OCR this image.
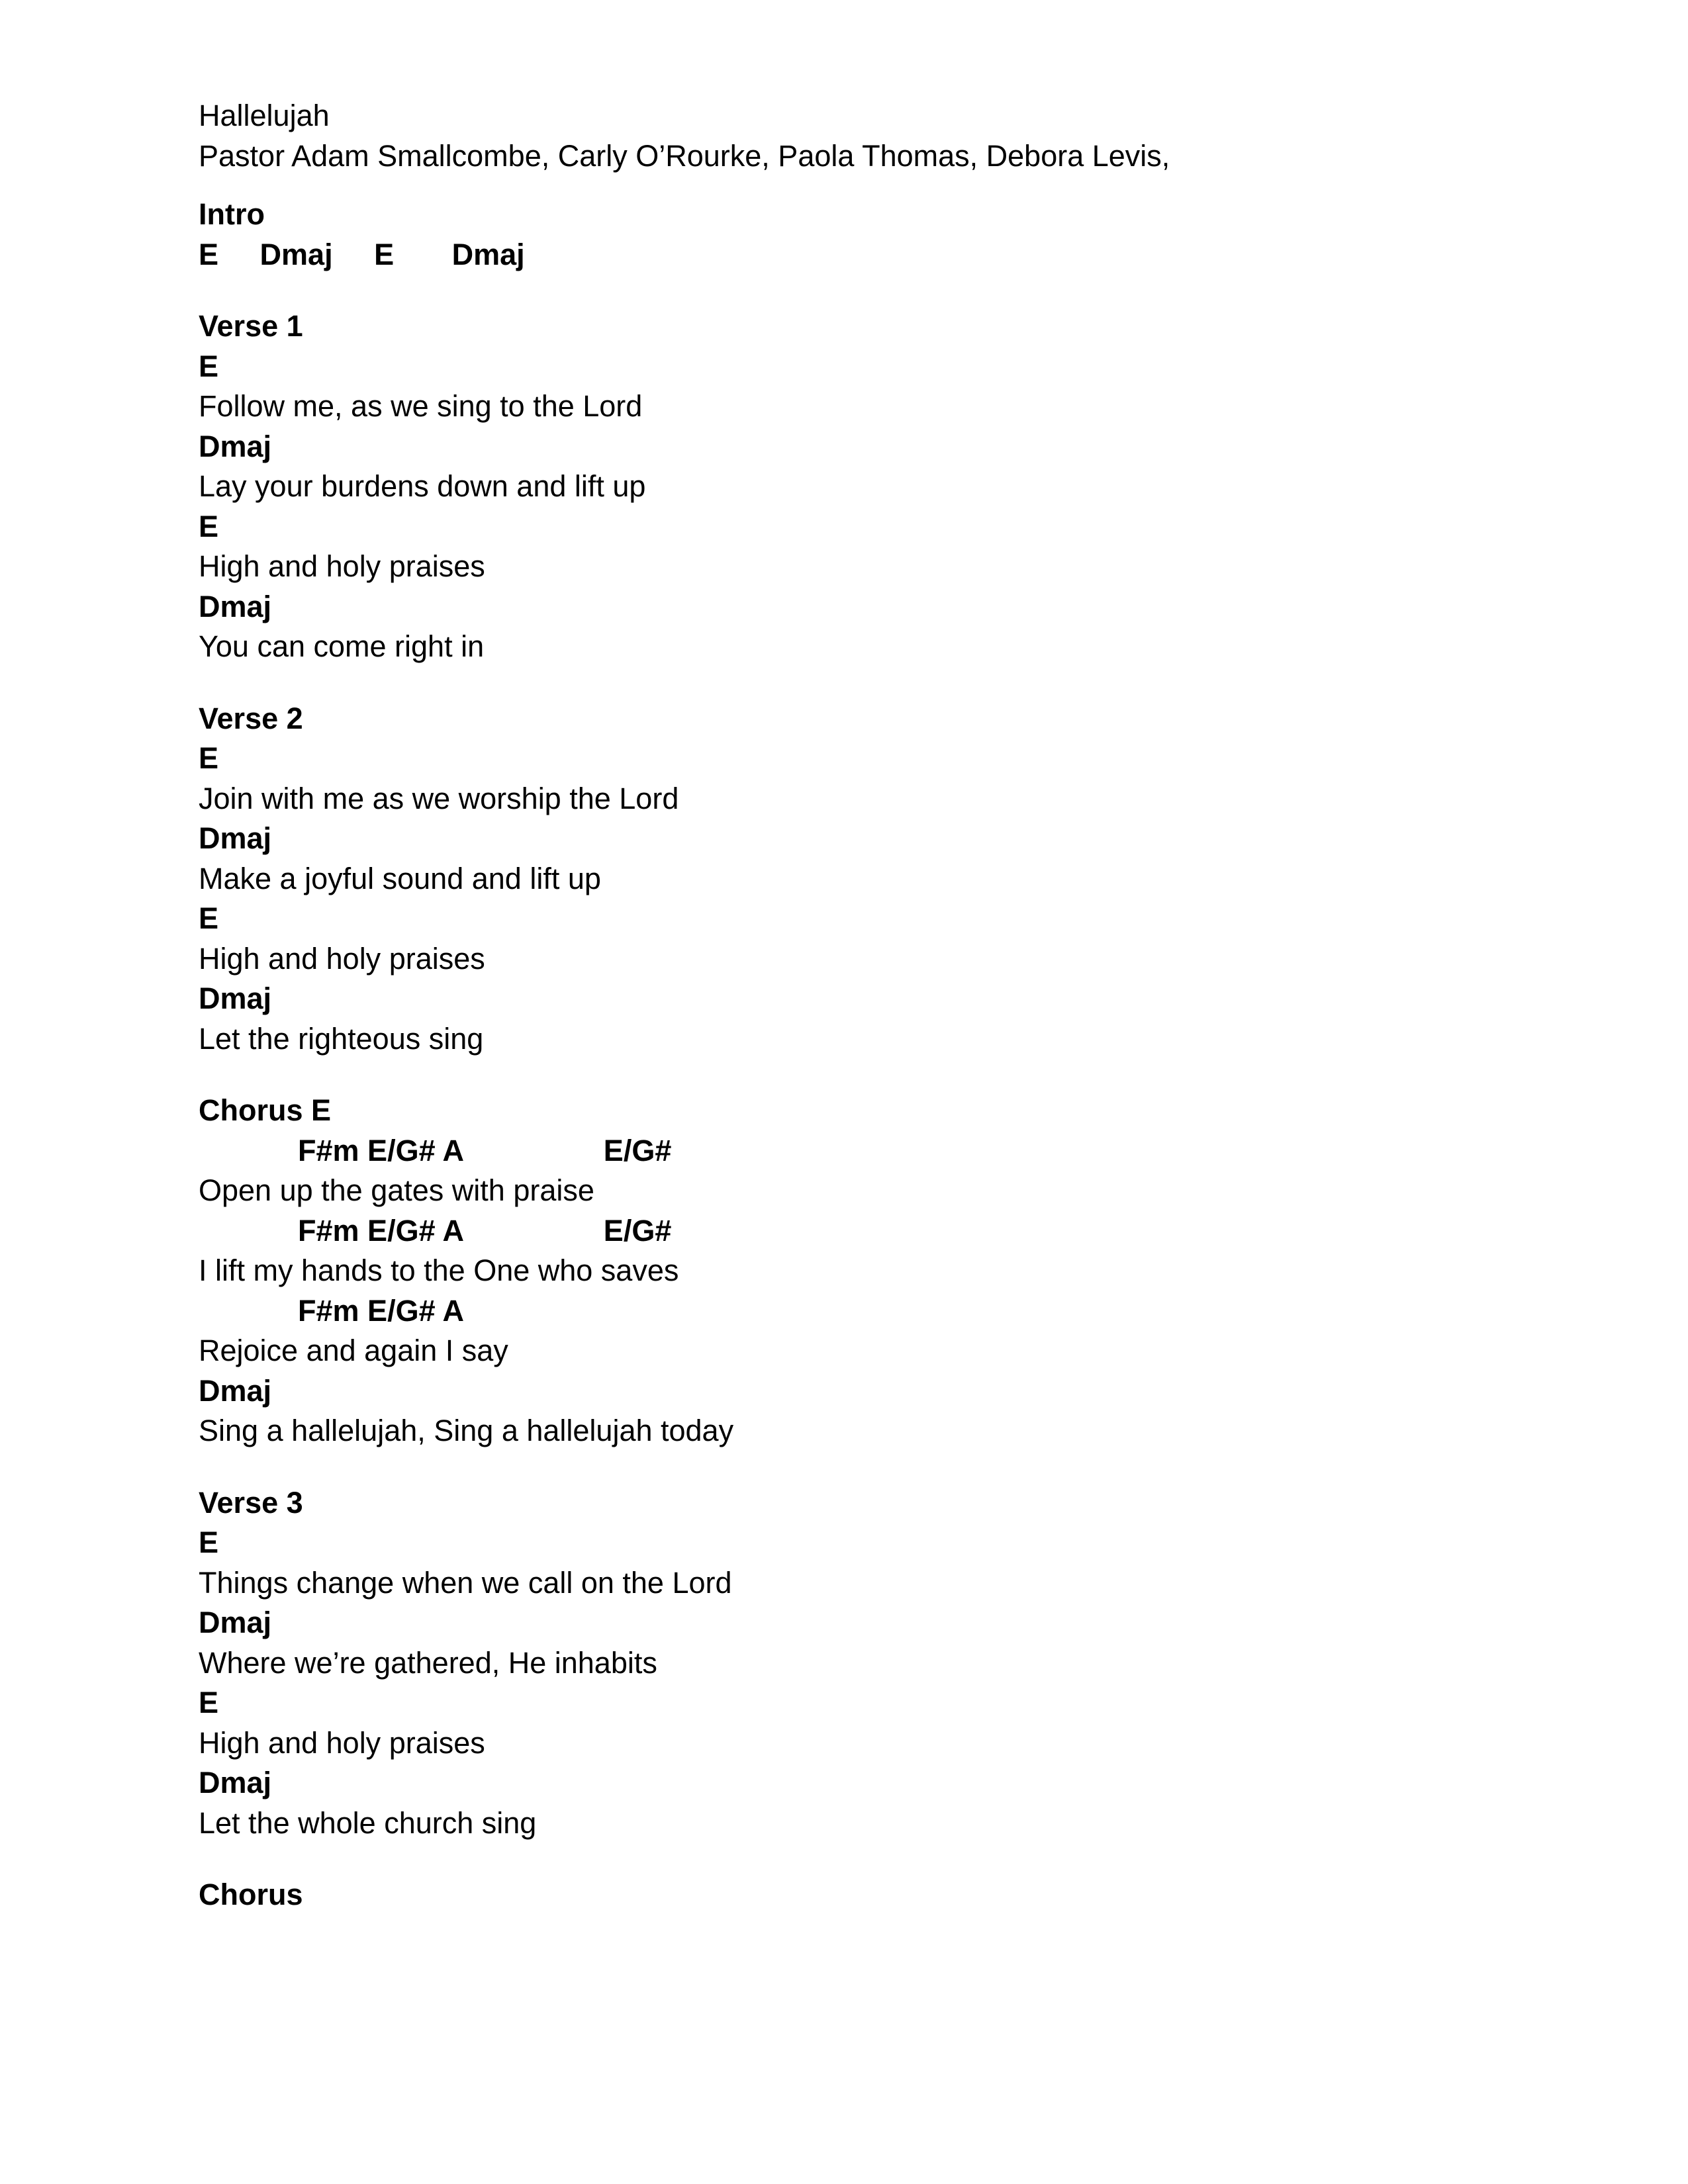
Hallelujah
Pastor Adam Smallcombe, Carly O’Rourke, Paola Thomas, Debora Levis,
Intro
E     Dmaj     E       Dmaj
Verse 1
E
Follow me, as we sing to the Lord
Dmaj
Lay your burdens down and lift up
E
High and holy praises
Dmaj
You can come right in
Verse 2
E
Join with me as we worship the Lord
Dmaj
Make a joyful sound and lift up
E
High and holy praises
Dmaj
Let the righteous sing
Chorus E
F#m E/G# A                 E/G#
Open up the gates with praise
F#m E/G# A                 E/G#
I lift my hands to the One who saves
F#m E/G# A
Rejoice and again I say
Dmaj
Sing a hallelujah, Sing a hallelujah today
Verse 3
E
Things change when we call on the Lord
Dmaj
Where we’re gathered, He inhabits
E
High and holy praises
Dmaj
Let the whole church sing
Chorus
